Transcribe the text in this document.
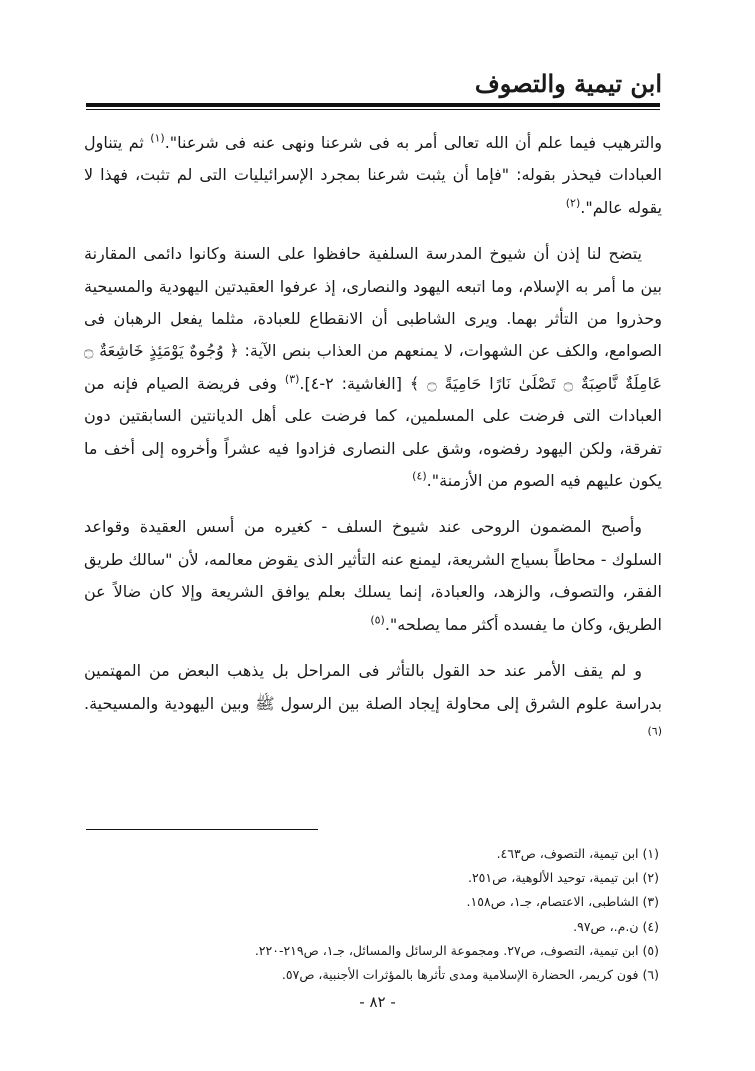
ابن تيمية والتصوف

والترهيب فيما علم أن الله تعالى أمر به فى شرعنا ونهى عنه فى شرعنا".$^{(١)}$ ثم يتناول العبادات فيحذر بقوله: "فإما أن يثبت شرعنا بمجرد الإسرائيليات التى لم تثبت، فهذا لا يقوله عالم".$^{(٢)}$

يتضح لنا إذن أن شيوخ المدرسة السلفية حافظوا على السنة وكانوا دائمى المقارنة بين ما أمر به الإسلام، وما اتبعه اليهود والنصارى، إذ عرفوا العقيدتين اليهودية والمسيحية وحذروا من التأثر بهما. ويرى الشاطبى أن الانقطاع للعبادة، مثلما يفعل الرهبان فى الصوامع، والكف عن الشهوات، لا يمنعهم من العذاب بنص الآية: ﴿ وُجُوهٌ يَوْمَئِذٍ خَاشِعَةٌ ۝ عَامِلَةٌ نَّاصِبَةٌ ۝ تَصْلَىٰ نَارًا حَامِيَةً ۝ ﴾ [الغاشية: ٢-٤].$^{(٣)}$ وفى فريضة الصيام فإنه من العبادات التى فرضت على المسلمين، كما فرضت على أهل الديانتين السابقتين دون تفرقة، ولكن اليهود رفضوه، وشق على النصارى فزادوا فيه عشراً وأخروه إلى أخف ما يكون عليهم فيه الصوم من الأزمنة".$^{(٤)}$

وأصبح المضمون الروحى عند شيوخ السلف - كغيره من أسس العقيدة وقواعد السلوك - محاطاً بسياج الشريعة، ليمنع عنه التأثير الذى يقوض معالمه، لأن "سالك طريق الفقر، والتصوف، والزهد، والعبادة، إنما يسلك بعلم يوافق الشريعة وإلا كان ضالاً عن الطريق، وكان ما يفسده أكثر مما يصلحه".$^{(٥)}$

و لم يقف الأمر عند حد القول بالتأثر فى المراحل بل يذهب البعض من المهتمين بدراسة علوم الشرق إلى محاولة إيجاد الصلة بين الرسول ﷺ وبين اليهودية والمسيحية.$^{(٦)}$

(١) ابن تيمية، التصوف، ص٤٦٣.
(٢) ابن تيمية، توحيد الألوهية، ص٢٥١.
(٣) الشاطبى، الاعتصام، جـ١، ص١٥٨.
(٤) ن.م.، ص٩٧.
(٥) ابن تيمية، التصوف، ص٢٧. ومجموعة الرسائل والمسائل، جـ١، ص٢١٩-٢٢٠.
(٦) فون كريمر، الحضارة الإسلامية ومدى تأثرها بالمؤثرات الأجنبية، ص٥٧.
- ٨٢ -
